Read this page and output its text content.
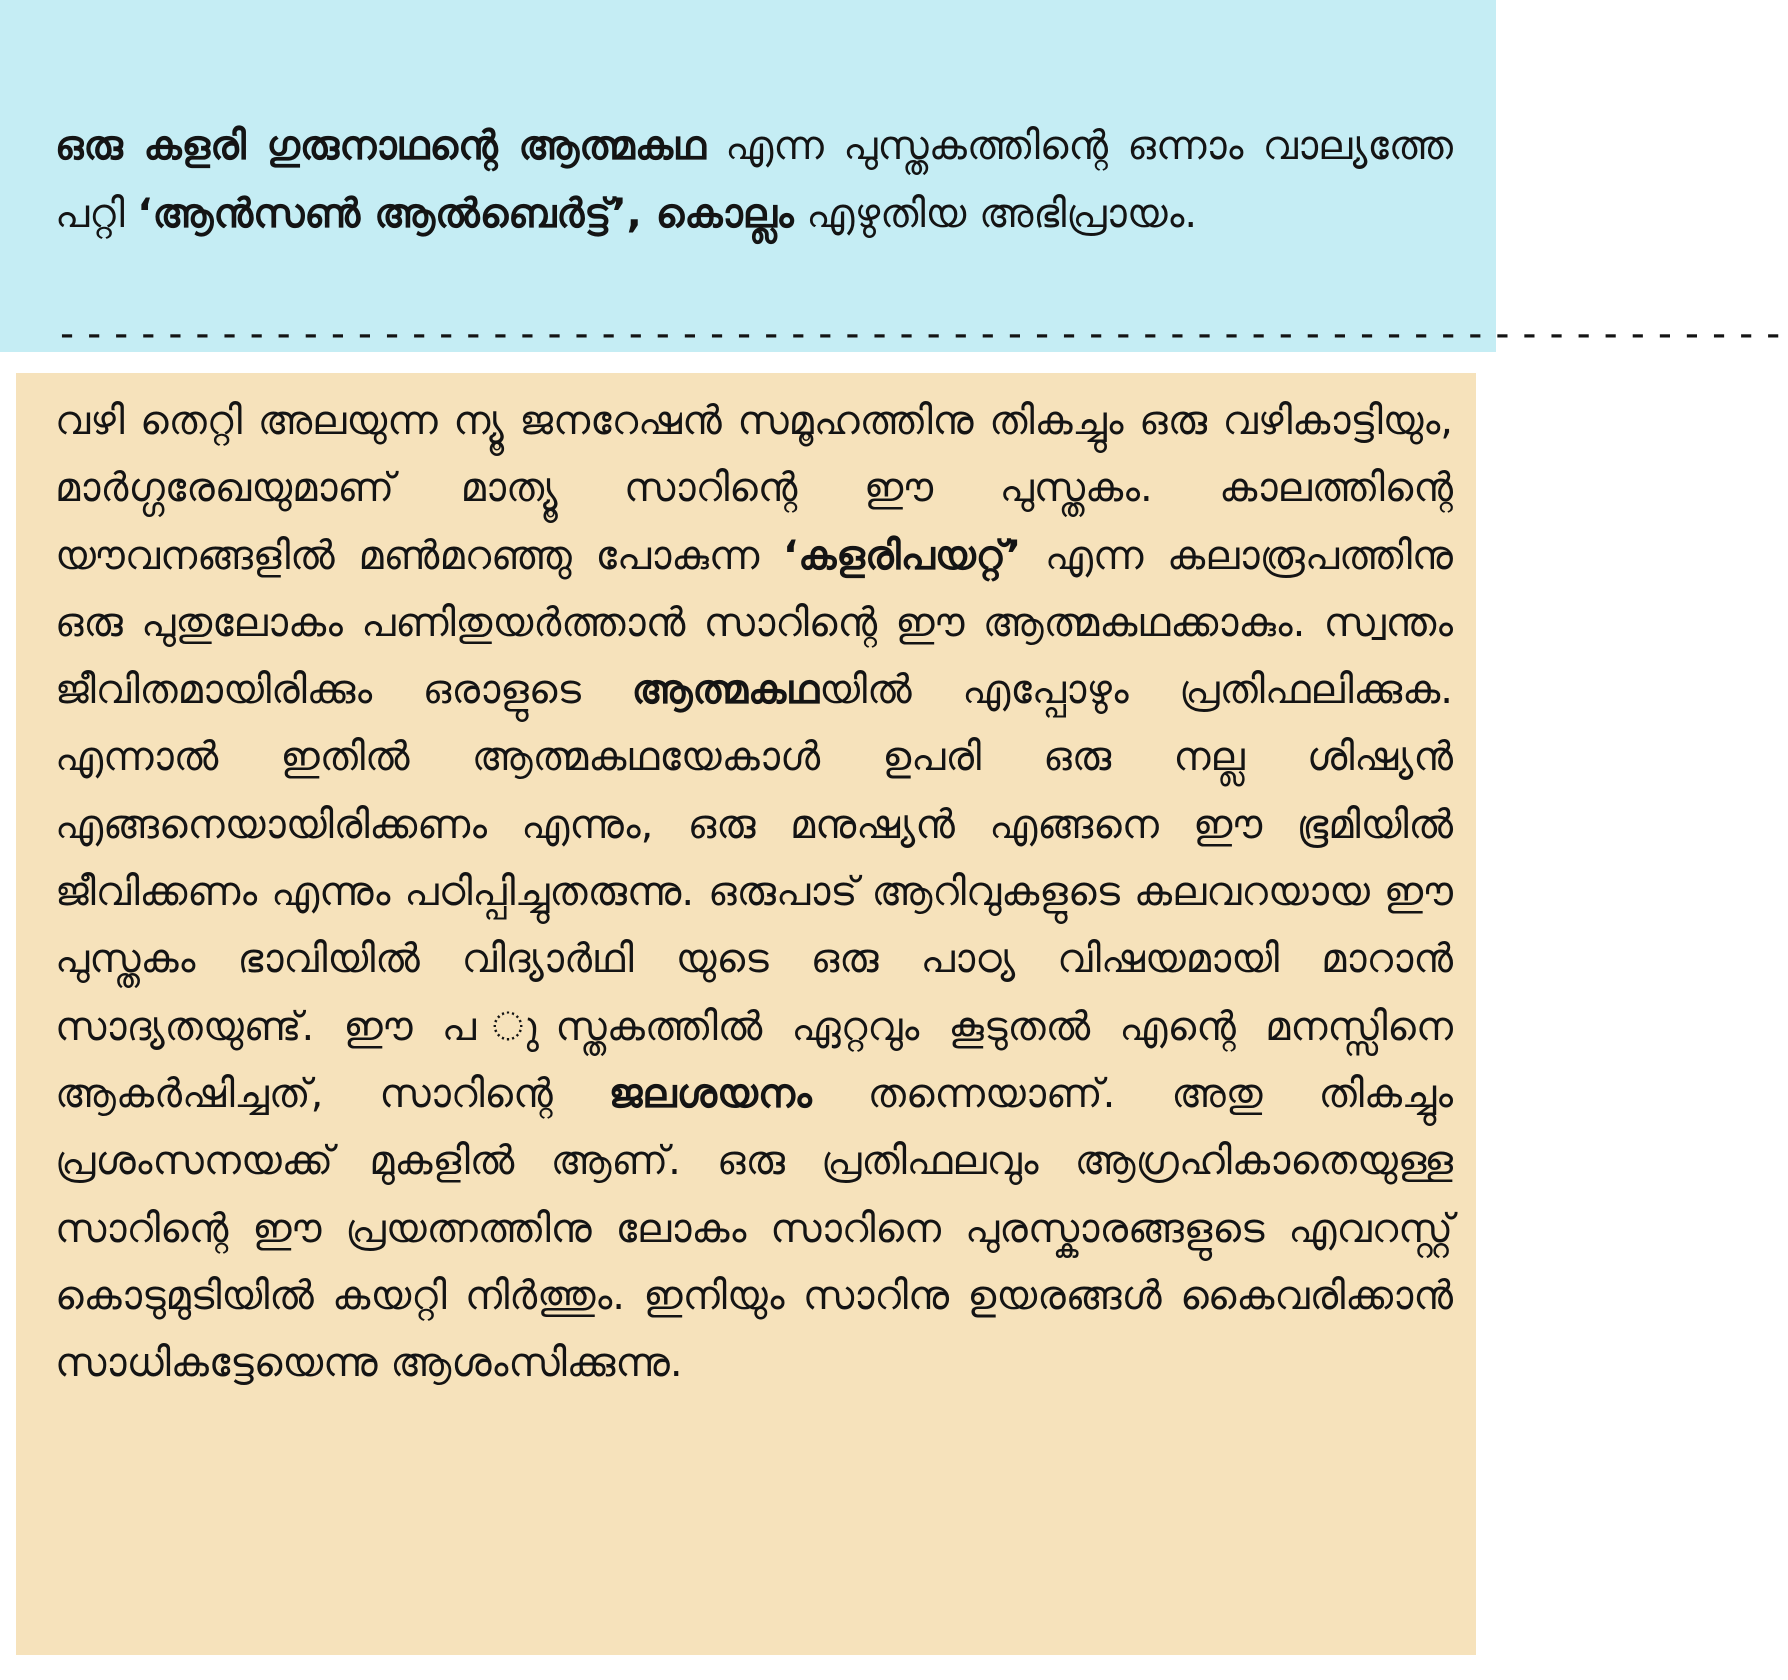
ഒരു കളരി ഗുരുനാഥന്റെ ആത്മകഥ എന്ന പുസ്തകത്തിന്റെ ഒന്നാം വാല്യത്തേ പറ്റി ‘ആൻസൺ ആൽബെർട്ട്’, കൊല്ലം എഴുതിയ അഭിപ്രായം.
----------------------------------------------------------------
വഴി തെറ്റി അലയുന്ന ന്യൂ ജനറേഷൻ സമൂഹത്തിനു തികച്ചും ഒരു വഴികാട്ടിയും, മാർഗ്ഗരേഖയുമാണ് മാത്യൂ സാറിന്റെ ഈ പുസ്തകം. കാലത്തിന്റെ യൗവനങ്ങളിൽ മൺമറഞ്ഞു പോകുന്ന ‘കളരിപയറ്റ്’ എന്ന കലാരൂപത്തിനു ഒരു പുതുലോകം പണിതുയർത്താൻ സാറിന്റെ ഈ ആത്മകഥക്കാകും. സ്വന്തം ജീവിതമായിരിക്കും ഒരാളുടെ ആത്മകഥയിൽ എപ്പോഴും പ്രതിഫലിക്കുക. എന്നാൽ ഇതിൽ ആത്മകഥയേകാൾ ഉപരി ഒരു നല്ല ശിഷ്യൻ എങ്ങനെയായിരിക്കണം എന്നും, ഒരു മനുഷ്യൻ എങ്ങനെ ഈ ഭൂമിയിൽ ജീവിക്കണം എന്നും പഠിപ്പിച്ചുതരുന്നു. ഒരുപാട് ആറിവുകളുടെ കലവറയായ ഈ പുസ്തകം ഭാവിയിൽ വിദ്യാർഥി യുടെ ഒരു പാഠ്യ വിഷയമായി മാറാൻ സാദ്യതയുണ്ട്. ഈ പ ുസ്തകത്തിൽ ഏറ്റവും കൂടുതൽ എന്റെ മനസ്സിനെ ആകർഷിച്ചത്, സാറിന്റെ ജലശയനം തന്നെയാണ്. അതു തികച്ചും പ്രശംസനയക്ക് മുകളിൽ ആണ്. ഒരു പ്രതിഫലവും ആഗ്രഹികാതെയുള്ള സാറിന്റെ ഈ പ്രയത്നത്തിനു ലോകം സാറിനെ പുരസ്കാരങ്ങളുടെ എവറസ്റ്റ് കൊടുമുടിയിൽ കയറ്റി നിർത്തും. ഇനിയും സാറിനു ഉയരങ്ങൾ കൈവരിക്കാൻ സാധികട്ടേയെന്നു ആശംസിക്കുന്നു.
